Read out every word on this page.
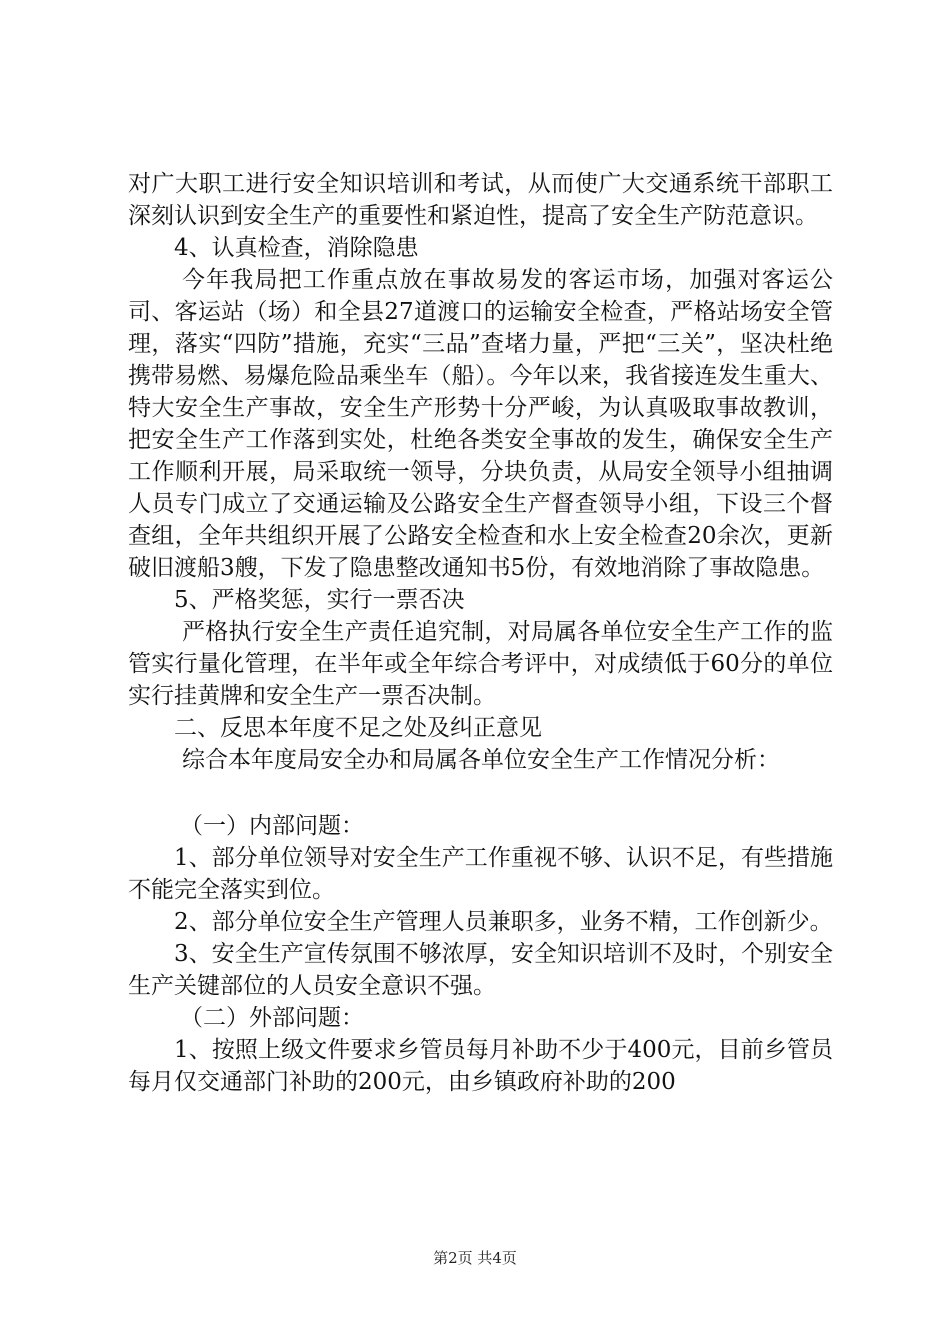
对广大职工进行安全知识培训和考试，从而使广大交通系统干部职工深刻认识到安全生产的重要性和紧迫性，提高了安全生产防范意识。

4、认真检查，消除隐患

今年我局把工作重点放在事故易发的客运市场，加强对客运公司、客运站（场）和全县27道渡口的运输安全检查，严格站场安全管理，落实“四防”措施，充实“三品”查堵力量，严把“三关”，坚决杜绝携带易燃、易爆危险品乘坐车（船）。今年以来，我省接连发生重大、特大安全生产事故，安全生产形势十分严峻，为认真吸取事故教训，把安全生产工作落到实处，杜绝各类安全事故的发生，确保安全生产工作顺利开展，局采取统一领导，分块负责，从局安全领导小组抽调人员专门成立了交通运输及公路安全生产督查领导小组，下设三个督查组，全年共组织开展了公路安全检查和水上安全检查20余次，更新破旧渡船3艘，下发了隐患整改通知书5份，有效地消除了事故隐患。

5、严格奖惩，实行一票否决

严格执行安全生产责任追究制，对局属各单位安全生产工作的监管实行量化管理，在半年或全年综合考评中，对成绩低于60分的单位实行挂黄牌和安全生产一票否决制。

二、反思本年度不足之处及纠正意见

综合本年度局安全办和局属各单位安全生产工作情况分析：

（一）内部问题：

1、部分单位领导对安全生产工作重视不够、认识不足，有些措施不能完全落实到位。

2、部分单位安全生产管理人员兼职多，业务不精，工作创新少。

3、安全生产宣传氛围不够浓厚，安全知识培训不及时，个别安全生产关键部位的人员安全意识不强。

（二）外部问题：

1、按照上级文件要求乡管员每月补助不少于400元，目前乡管员每月仅交通部门补助的200元，由乡镇政府补助的200

第2页 共4页
